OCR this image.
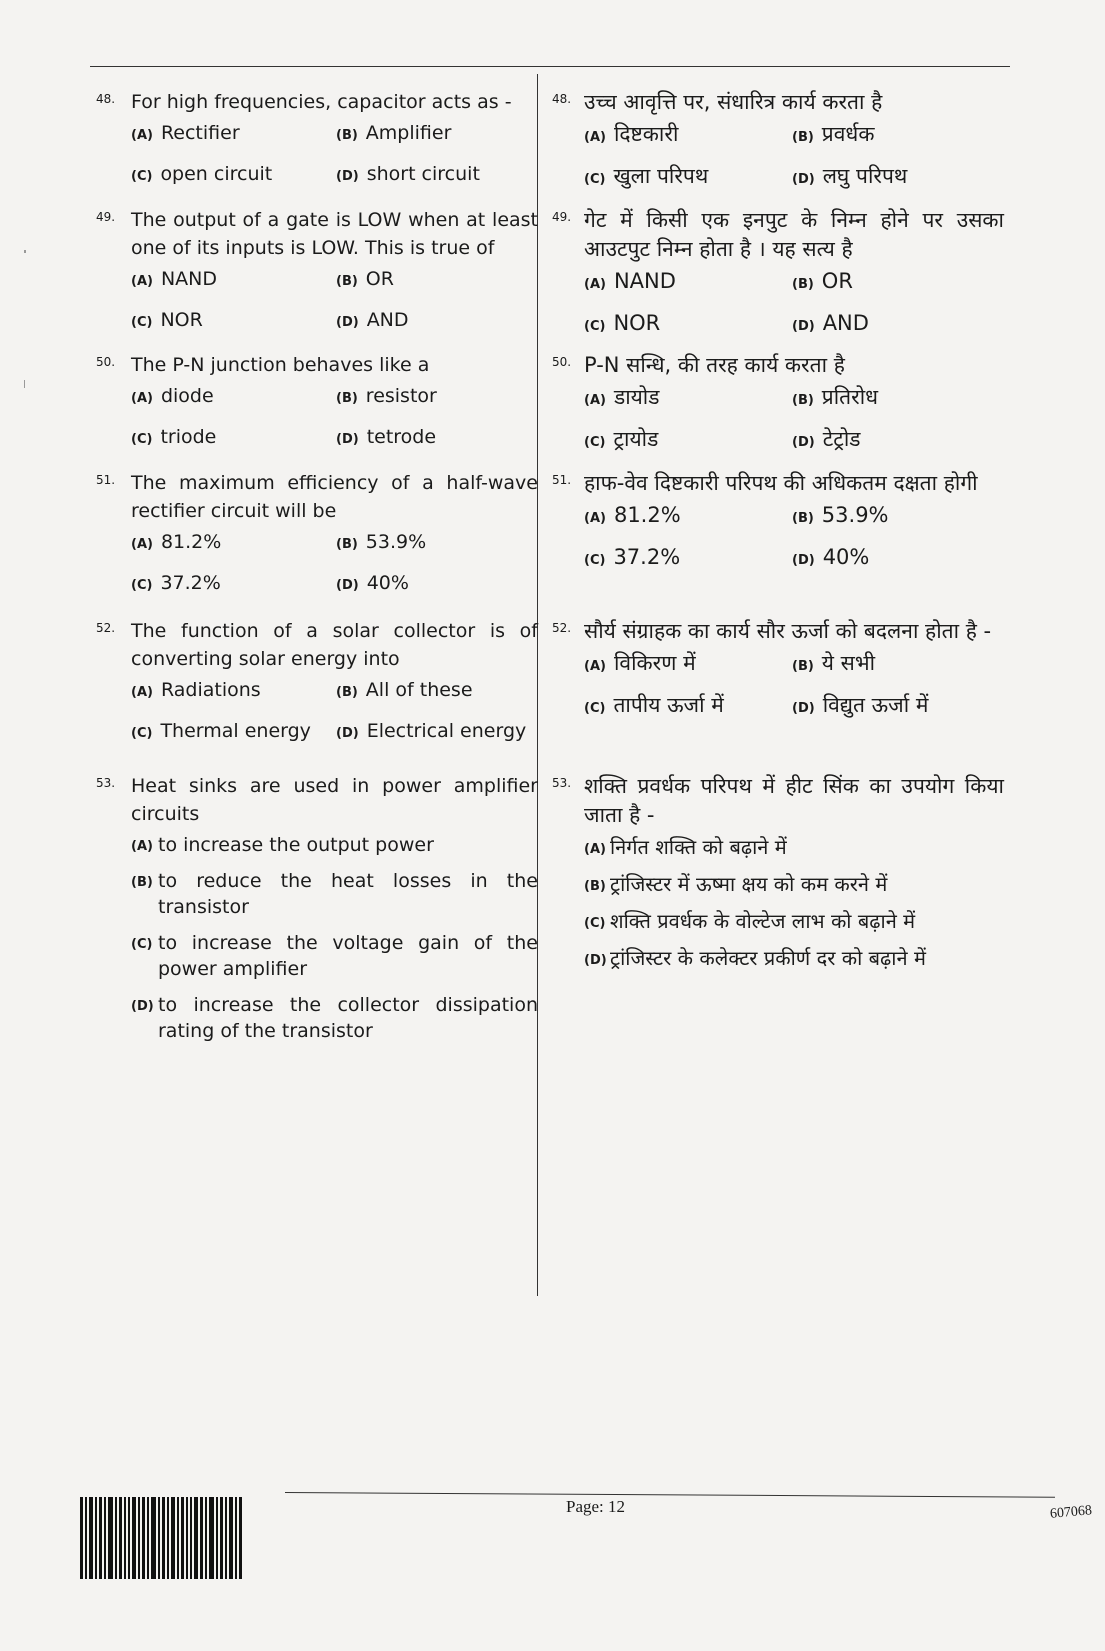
48. For high frequencies, capacitor acts as -
(A) Rectifier	(B) Amplifier
(C) open circuit	(D) short circuit
49. The output of a gate is LOW when at least one of its inputs is LOW. This is true of
(A) NAND	(B) OR
(C) NOR	(D) AND
50. The P-N junction behaves like a
(A) diode	(B) resistor
(C) triode	(D) tetrode
51. The maximum efficiency of a half-wave rectifier circuit will be
(A) 81.2%	(B) 53.9%
(C) 37.2%	(D) 40%
52. The function of a solar collector is of converting solar energy into
(A) Radiations	(B) All of these
(C) Thermal energy	(D) Electrical energy
53. Heat sinks are used in power amplifier circuits
(A) to increase the output power
(B) to reduce the heat losses in the transistor
(C) to increase the voltage gain of the power amplifier
(D) to increase the collector dissipation rating of the transistor
48. उच्च आवृत्ति पर, संधारित्र कार्य करता है
(A) दिष्टकारी	(B) प्रवर्धक
(C) खुला परिपथ	(D) लघु परिपथ
49. गेट में किसी एक इनपुट के निम्न होने पर उसका आउटपुट निम्न होता है । यह सत्य है
(A) NAND	(B) OR
(C) NOR	(D) AND
50. P-N सन्धि, की तरह कार्य करता है
(A) डायोड	(B) प्रतिरोध
(C) ट्रायोड	(D) टेट्रोड
51. हाफ-वेव दिष्टकारी परिपथ की अधिकतम दक्षता होगी
(A) 81.2%	(B) 53.9%
(C) 37.2%	(D) 40%
52. सौर्य संग्राहक का कार्य सौर ऊर्जा को बदलना होता है -
(A) विकिरण में	(B) ये सभी
(C) तापीय ऊर्जा में	(D) विद्युत ऊर्जा में
53. शक्ति प्रवर्धक परिपथ में हीट सिंक का उपयोग किया जाता है -
(A) निर्गत शक्ति को बढ़ाने में
(B) ट्रांजिस्टर में ऊष्मा क्षय को कम करने में
(C) शक्ति प्रवर्धक के वोल्टेज लाभ को बढ़ाने में
(D) ट्रांजिस्टर के कलेक्टर प्रकीर्ण दर को बढ़ाने में
Page: 12	607068
